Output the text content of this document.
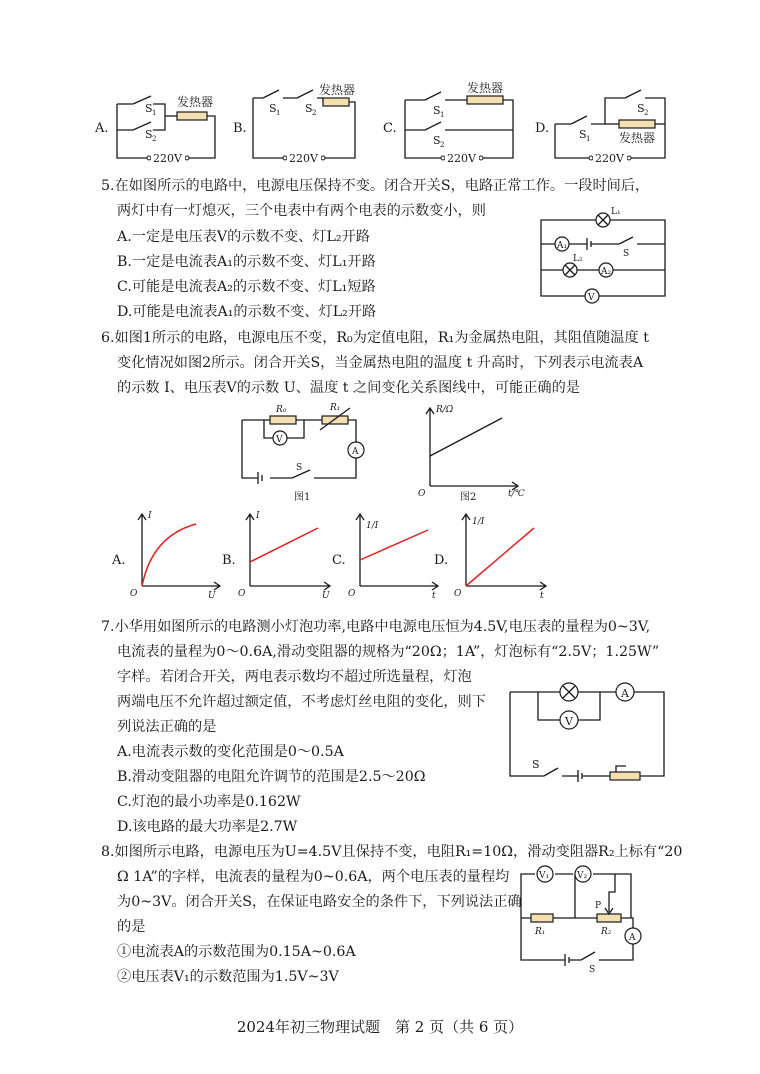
A.
发热器
S 1
S 2
220V
B.
发热器
S 1 S 2
220V
C.
发热器
S 1
S 2
220V
D.
发热器
S 1
S 2
220V
5.在如图所示的电路中，电源电压保持不变。闭合开关S，电路正常工作。一段时间后，
两灯中有一灯熄灭，三个电表中有两个电表的示数变小，则
A.一定是电压表V的示数不变、灯L₂开路
B.一定是电流表A₁的示数不变、灯L₁开路
C.可能是电流表A₂的示数不变、灯L₁短路
D.可能是电流表A₁的示数不变、灯L₂开路
L₁
A₁
S
L₂
A₂
V
6.如图1所示的电路，电源电压不变，R₀为定值电阻，R₁为金属热电阻，其阻值随温度 t
变化情况如图2所示。闭合开关S，当金属热电阻的温度 t 升高时，下列表示电流表A
的示数 I、电压表V的示数 U、温度 t 之间变化关系图线中，可能正确的是
R₀	R₁
V
A
S
图1
R/Ω
t/℃
O	图2
A.
I
U
O
B.
I
U
O
C.
1/I
t
O
D.
1/I
t
O
7.小华用如图所示的电路测小灯泡功率,电路中电源电压恒为4.5V,电压表的量程为0~3V,
电流表的量程为0～0.6A,滑动变阻器的规格为“20Ω；1A”，灯泡标有“2.5V；1.25W”
字样。若闭合开关，两电表示数均不超过所选量程，灯泡
两端电压不允许超过额定值，不考虑灯丝电阻的变化，则下
列说法正确的是
A.电流表示数的变化范围是0～0.5A
B.滑动变阻器的电阻允许调节的范围是2.5～20Ω
C.灯泡的最小功率是0.162W
D.该电路的最大功率是2.7W
A
V
S
8.如图所示电路，电源电压为U=4.5V且保持不变，电阻R₁=10Ω，滑动变阻器R₂上标有“20
Ω 1A”的字样，电流表的量程为0~0.6A，两个电压表的量程均
为0~3V。闭合开关S，在保证电路安全的条件下，下列说法正确
的是
①电流表A的示数范围为0.15A~0.6A
②电压表V₁的示数范围为1.5V~3V
P
R₁	R₂
V₁	V₂
A
S
2024年初三物理试题　第 2 页（共 6 页）
